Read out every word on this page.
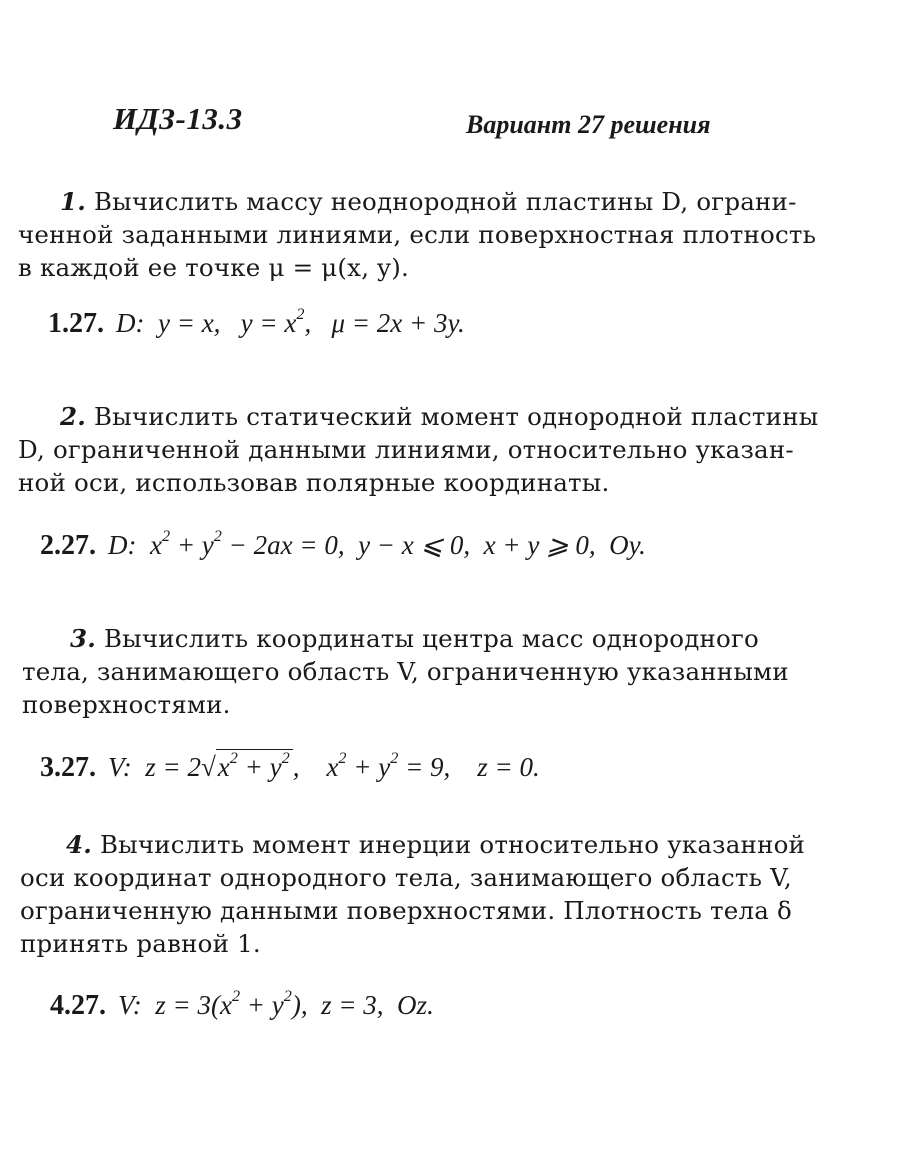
ИДЗ-13.3	Вариант 27 решения
1. Вычислить массу неоднородной пластины D, ограни-
ченной заданными линиями, если поверхностная плотность
в каждой ее точке μ = μ(x, y).
1.27. D:  y = x,   $y = x^2$,   μ = 2x + 3y.
2. Вычислить статический момент однородной пластины
D, ограниченной данными линиями, относительно указан-
ной оси, использовав полярные координаты.
2.27. D:  $x^2 + y^2 - 2ax = 0$,  y − x ⩽ 0,  x + y ⩾ 0,  Oy.
3. Вычислить координаты центра масс однородного
тела, занимающего область V, ограниченную указанными
поверхностями.
3.27. V:  $z = 2√x^2 + y^2$ ,    $x^2 + y^2 = 9$,    z = 0.
4. Вычислить момент инерции относительно указанной
оси координат однородного тела, занимающего область V,
ограниченную данными поверхностями. Плотность тела δ
принять равной 1.
4.27. V:  $z = 3(x^2 + y^2)$,  z = 3,  Oz.
